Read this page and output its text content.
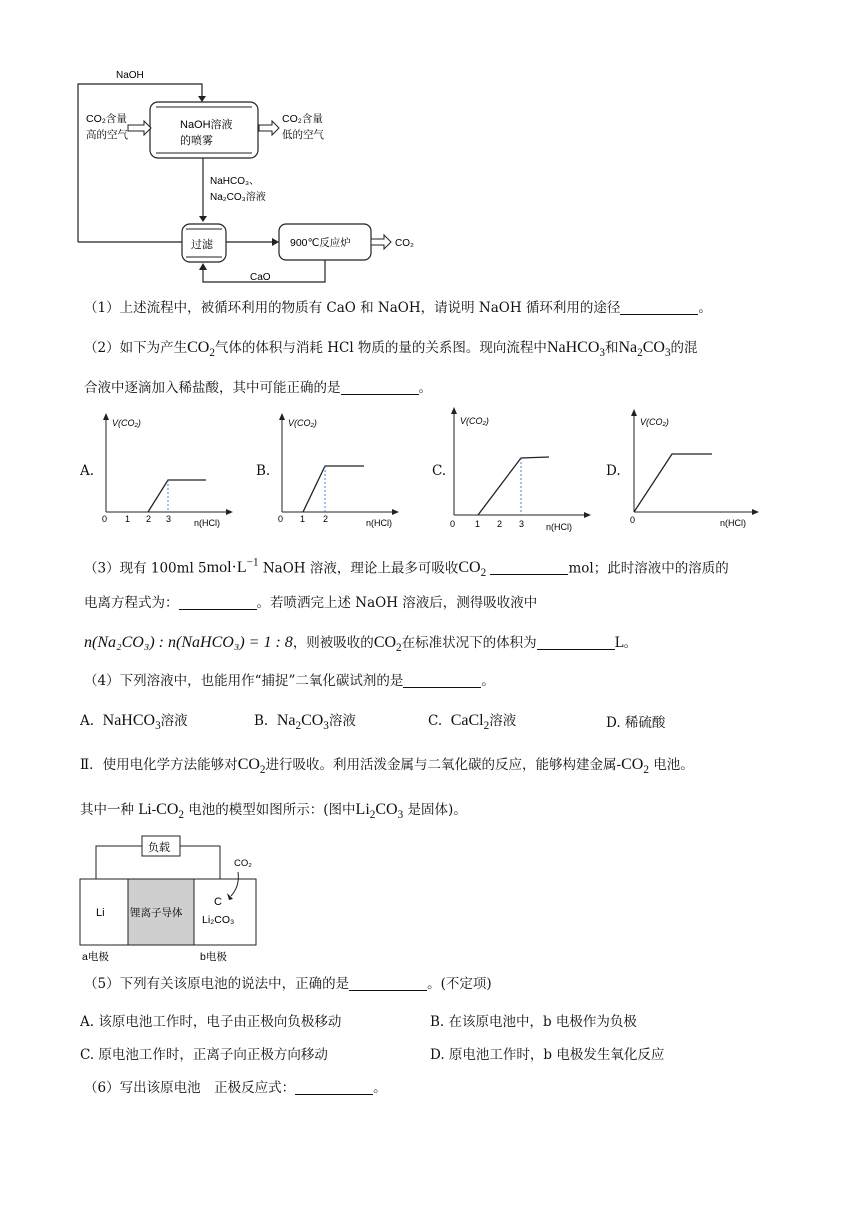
NaOH
NaOH溶液
的喷雾
CO₂含量
高的空气
CO₂含量
低的空气
NaHCO₃、
Na₂CO₃溶液
过滤	900℃反应炉	CO₂
CaO
（1）上述流程中，被循环利用的物质有 CaO 和 NaOH，请说明 NaOH 循环利用的途径	。
（2）如下为产生$CO_2$气体的体积与消耗 HCl 物质的量的关系图。现向流程中NaHCO$_3$和$Na_2CO_3$的混
合液中逐滴加入稀盐酸，其中可能正确的是	。
A.
V(CO₂)
n(HCl)
0 1 2 3
B.
V(CO₂)
n(HCl)
0 1 2
C.
V(CO₂)
n(HCl)
0 1 2 3
D.
V(CO₂)
n(HCl)
0
（3）现有 100ml $5mol\cdot L^{-1}$ NaOH 溶液，理论上最多可吸收$CO_2$	mol；此时溶液中的溶质的
电离方程式为：	。若喷洒完上述 NaOH 溶液后，测得吸收液中
n(Na₂CO₃) : n(NaHCO₃) = 1 : 8，则被吸收的$CO_2$在标准状况下的体积为	L。
（4）下列溶液中，也能用作“捕捉”二氧化碳试剂的是	。
A. NaHCO$_3$溶液	B. $Na_2CO_3$溶液	C. CaCl$_2$溶液	D. 稀硫酸
Ⅱ．使用电化学方法能够对$CO_2$进行吸收。利用活泼金属与二氧化碳的反应，能够构建金属$-CO_2$ 电池。
其中一种 $Li-CO_2$ 电池的模型如图所示：(图中$Li_2CO_3$ 是固体)。
负载
Li 锂离子导体
C
Li₂CO₃
CO₂
a电极	b电极
（5）下列有关该原电池的说法中，正确的是	。(不定项)
A. 该原电池工作时，电子由正极向负极移动	B. 在该原电池中，b 电极作为负极
C. 原电池工作时，正离子向正极方向移动	D. 原电池工作时，b 电极发生氧化反应
（6）写出该原电池　正极反应式：	。
